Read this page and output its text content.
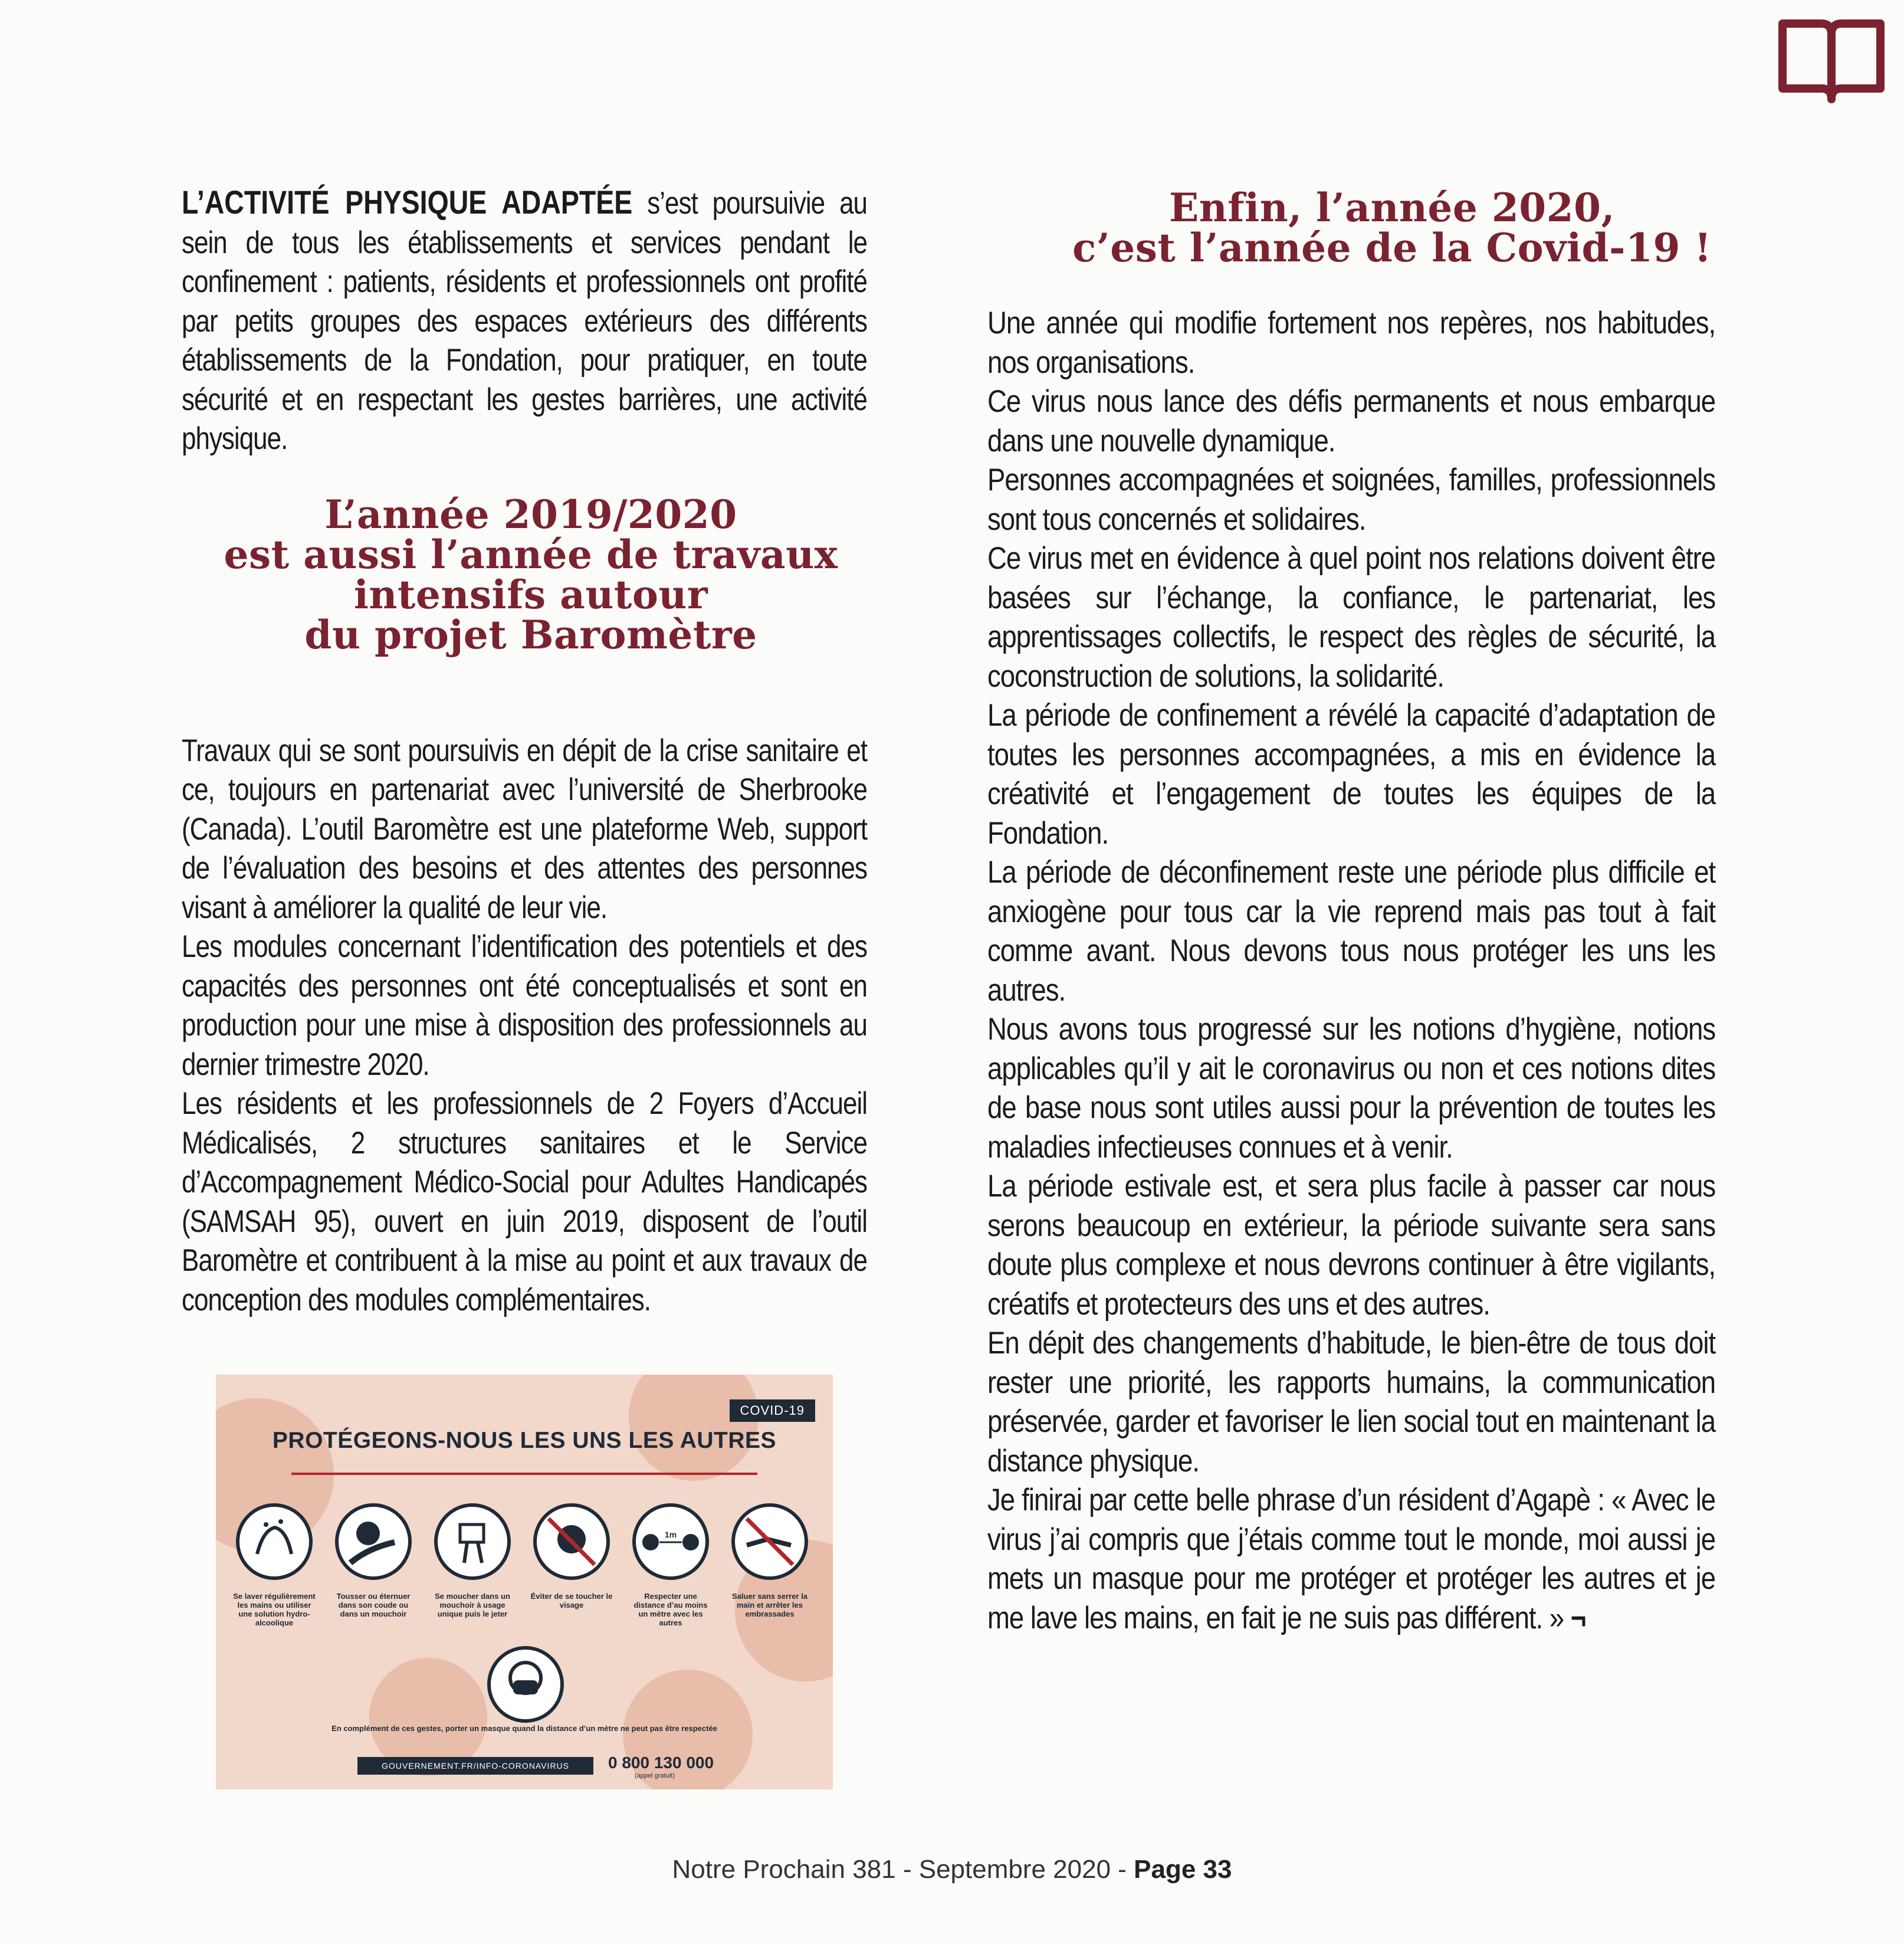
L’ACTIVITÉ PHYSIQUE ADAPTÉE s’est poursuivie au sein de tous les établissements et services pendant le confinement : patients, résidents et professionnels ont profité par petits groupes des espaces extérieurs des différents établissements de la Fondation, pour pratiquer, en toute sécurité et en respectant les gestes barrières, une activité physique.

Travaux qui se sont poursuivis en dépit de la crise sanitaire et ce, toujours en partenariat avec l’université de Sherbrooke (Canada). L’outil Baromètre est une plateforme Web, support de l’évaluation des besoins et des attentes des personnes visant à améliorer la qualité de leur vie.

Les modules concernant l’identification des potentiels et des capacités des personnes ont été conceptualisés et sont en production pour une mise à disposition des professionnels au dernier trimestre 2020.

Les résidents et les professionnels de 2 Foyers d’Accueil Médicalisés, 2 structures sanitaires et le Service d’Accompagnement Médico-Social pour Adultes Handicapés (SAMSAH 95), ouvert en juin 2019, disposent de l’outil Baromètre et contribuent à la mise au point et aux travaux de conception des modules complémentaires.

L’année 2019/2020
est aussi l’année de travaux
intensifs autour
du projet Baromètre
COVID-19
PROTÉGEONS-NOUS LES UNS LES AUTRES
Se laver régulièrement les mains ou utiliser une solution hydro-alcoolique
Tousser ou éternuer dans son coude ou dans un mouchoir
Se moucher dans un mouchoir à usage unique puis le jeter
Éviter de se toucher le visage
1m
Respecter une distance d’au moins un mètre avec les autres
Saluer sans serrer la main et arrêter les embrassades
En complément de ces gestes, porter un masque quand la distance d’un mètre ne peut pas être respectée
GOUVERNEMENT.FR/INFO-CORONAVIRUS	0 800 130 000
(appel gratuit)
Enfin, l’année 2020,
c’est l’année de la Covid-19 !

Une année qui modifie fortement nos repères, nos habitudes, nos organisations.

Ce virus nous lance des défis permanents et nous embarque dans une nouvelle dynamique.

Personnes accompagnées et soignées, familles, professionnels sont tous concernés et solidaires.

Ce virus met en évidence à quel point nos relations doivent être basées sur l’échange, la confiance, le partenariat, les apprentissages collectifs, le respect des règles de sécurité, la coconstruction de solutions, la solidarité.

La période de confinement a révélé la capacité d’adaptation de toutes les personnes accompagnées, a mis en évidence la créativité et l’engagement de toutes les équipes de la Fondation.

La période de déconfinement reste une période plus difficile et anxiogène pour tous car la vie reprend mais pas tout à fait comme avant. Nous devons tous nous protéger les uns les autres.

Nous avons tous progressé sur les notions d’hygiène, notions applicables qu’il y ait le coronavirus ou non et ces notions dites de base nous sont utiles aussi pour la prévention de toutes les maladies infectieuses connues et à venir.

La période estivale est, et sera plus facile à passer car nous serons beaucoup en extérieur, la période suivante sera sans doute plus complexe et nous devrons continuer à être vigilants, créatifs et protecteurs des uns et des autres.

En dépit des changements d’habitude, le bien-être de tous doit rester une priorité, les rapports humains, la communication préservée, garder et favoriser le lien social tout en maintenant la distance physique.

Je finirai par cette belle phrase d’un résident d’Agapè : « Avec le virus j’ai compris que j’étais comme tout le monde, moi aussi je mets un masque pour me protéger et protéger les autres et je me lave les mains, en fait je ne suis pas différent. » ¬

Notre Prochain 381 - Septembre 2020 - Page 33
